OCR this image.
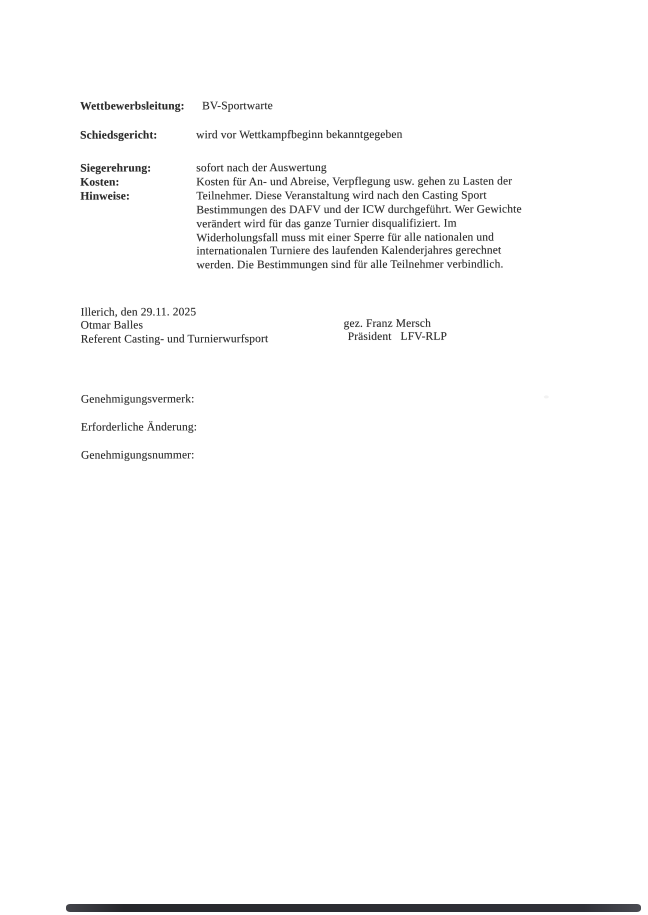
Wettbewerbsleitung: BV-Sportwarte
Schiedsgericht:	wird vor Wettkampfbeginn bekanntgegeben
Siegerehrung:
Kosten:
Hinweise:
sofort nach der Auswertung
Kosten für An- und Abreise, Verpflegung usw. gehen zu Lasten der
Teilnehmer. Diese Veranstaltung wird nach den Casting Sport
Bestimmungen des DAFV und der ICW durchgeführt. Wer Gewichte
verändert wird für das ganze Turnier disqualifiziert. Im
Widerholungsfall muss mit einer Sperre für alle nationalen und
internationalen Turniere des laufenden Kalenderjahres gerechnet
werden. Die Bestimmungen sind für alle Teilnehmer verbindlich.
Illerich, den 29.11. 2025
Otmar Balles
Referent Casting- und Turnierwurfsport
gez. Franz Mersch
Präsident   LFV-RLP
Genehmigungsvermerk:
Erforderliche Änderung:
Genehmigungsnummer:
